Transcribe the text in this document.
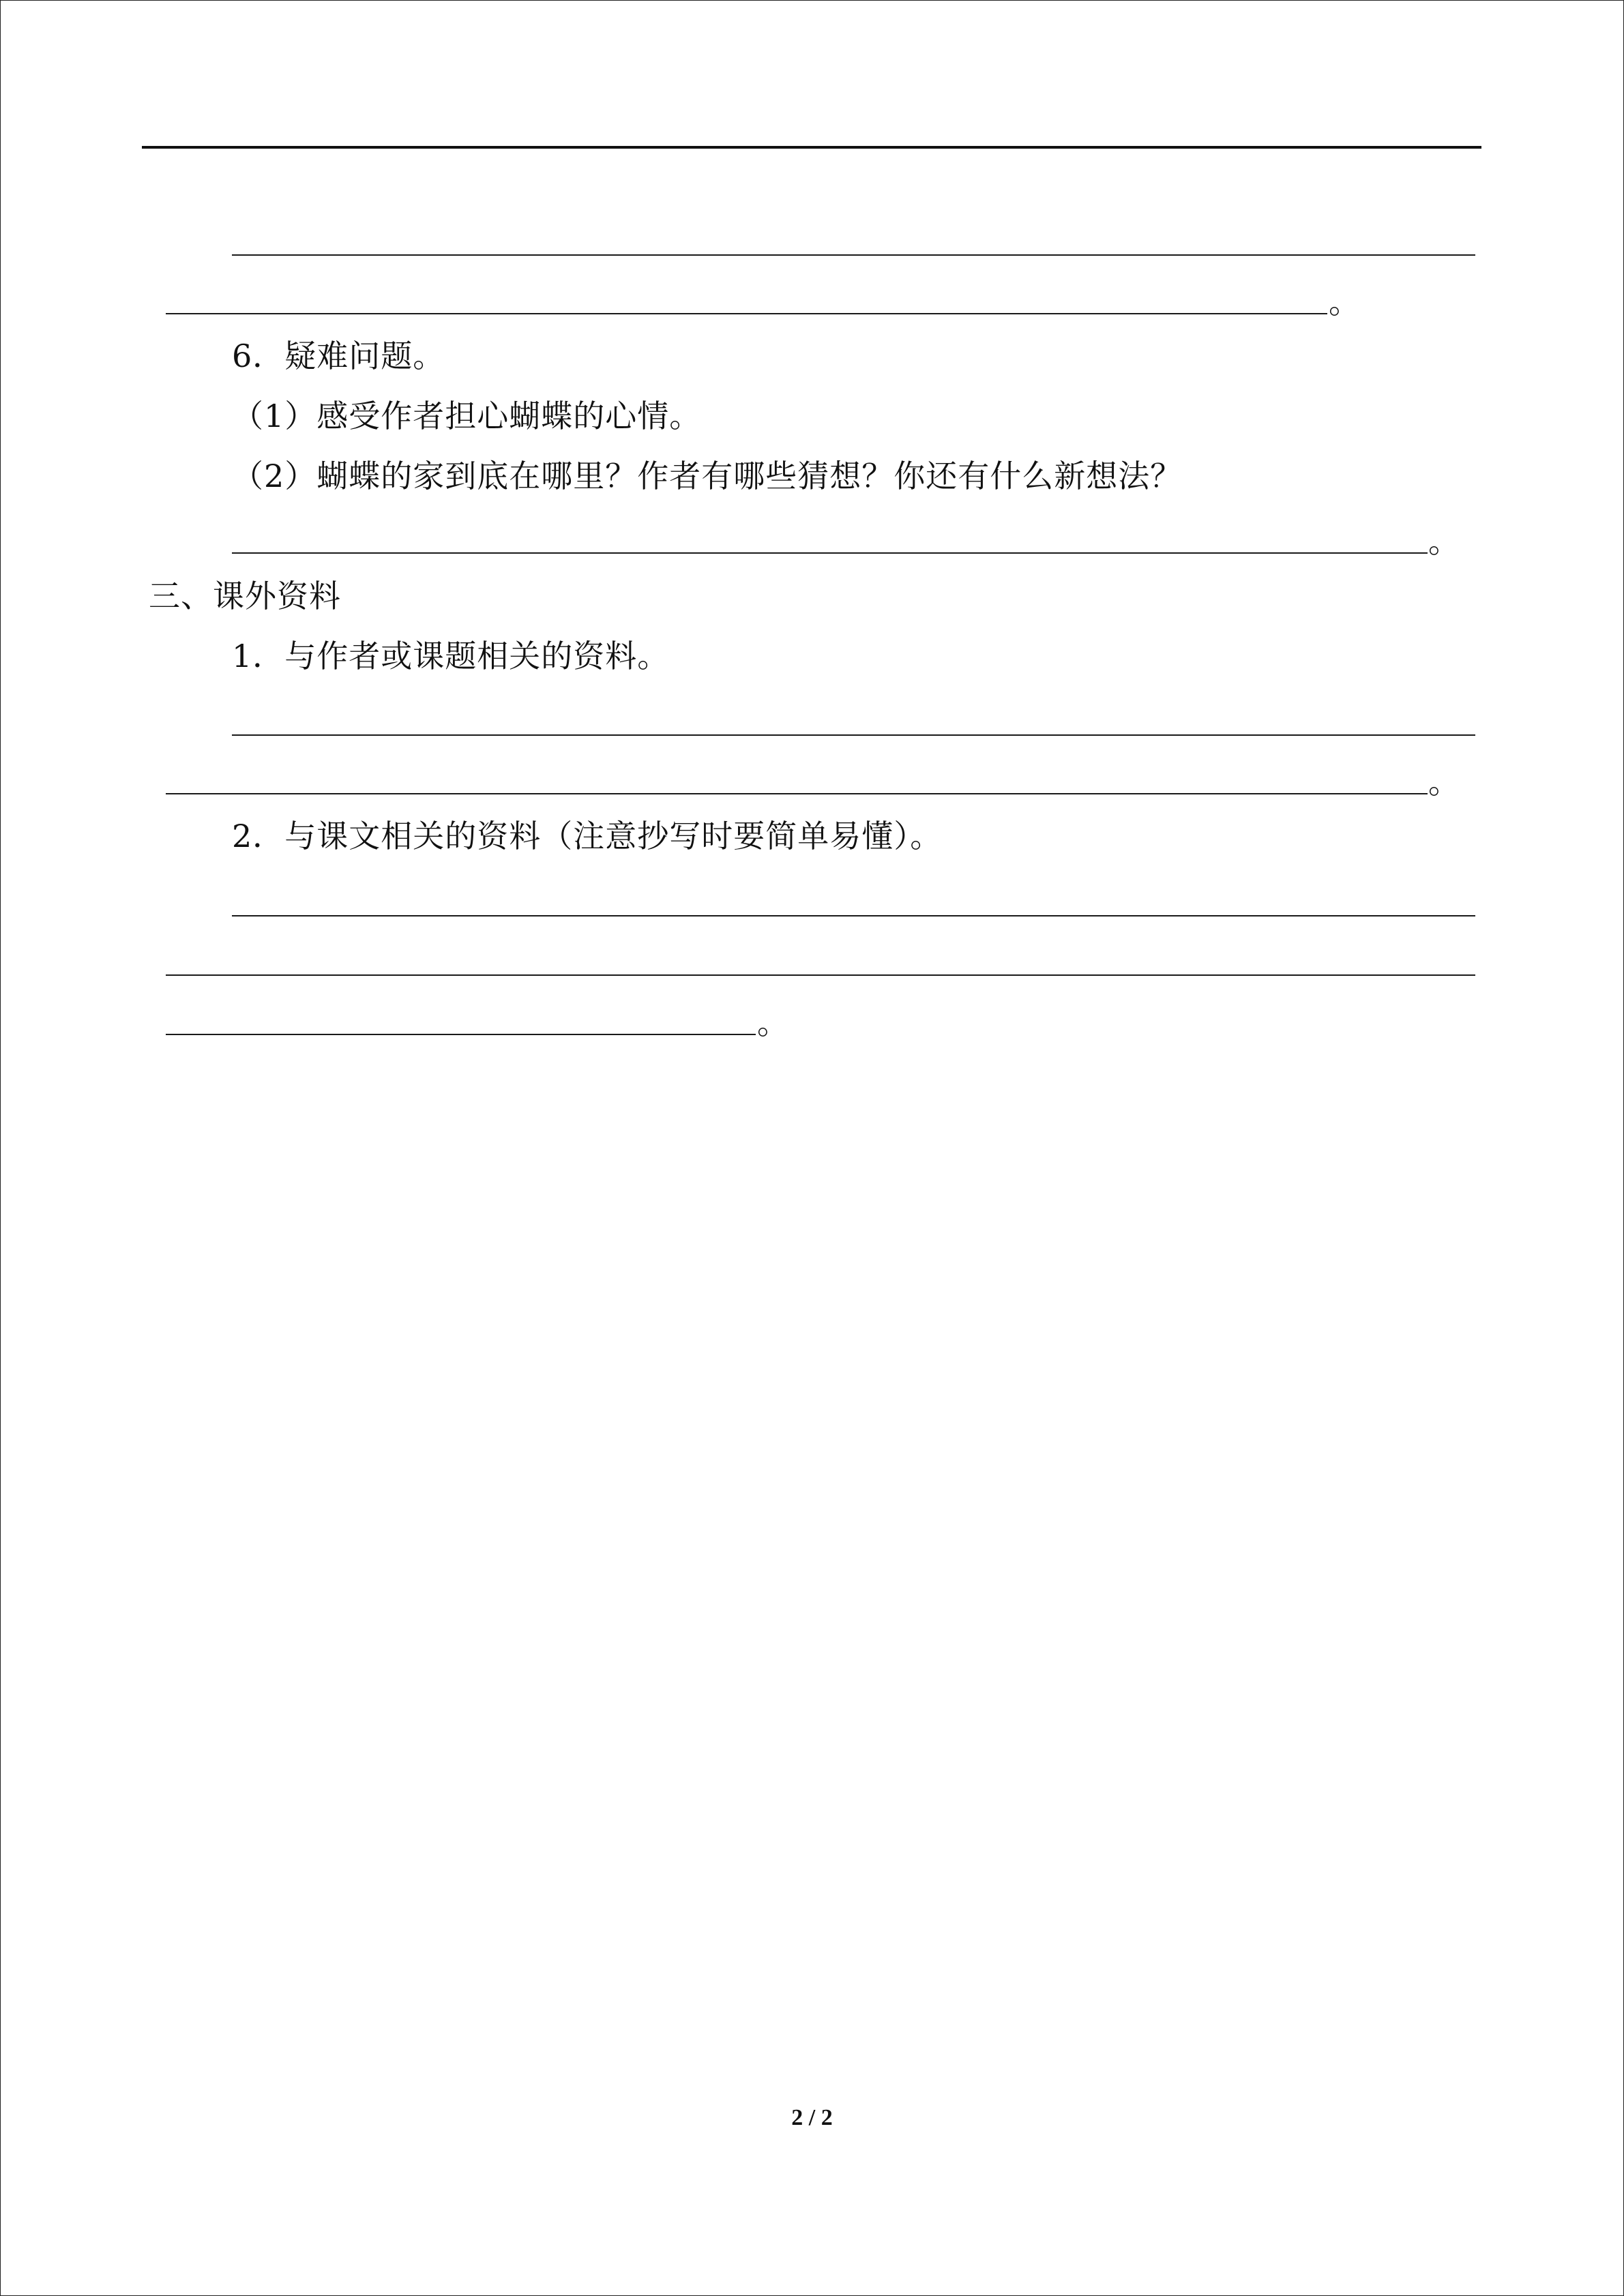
。
6．疑难问题。
（1）感受作者担心蝴蝶的心情。
（2）蝴蝶的家到底在哪里？作者有哪些猜想？你还有什么新想法？
。
三、课外资料
1．与作者或课题相关的资料。
。
2．与课文相关的资料（注意抄写时要简单易懂）。
。
2 / 2
